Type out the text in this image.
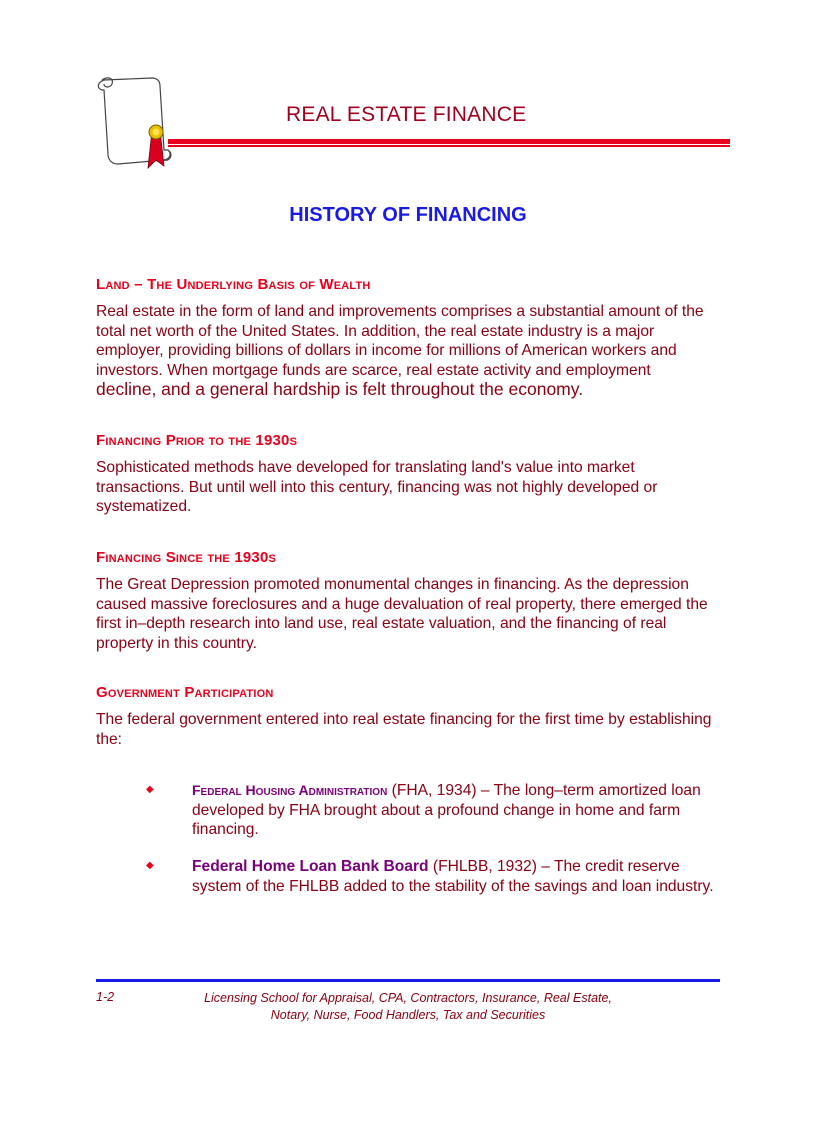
REAL ESTATE FINANCE
HISTORY OF FINANCING
Land – The Underlying Basis of Wealth
Real estate in the form of land and improvements comprises a substantial amount of the total net worth of the United States. In addition, the real estate industry is a major employer, providing billions of dollars in income for millions of American workers and investors. When mortgage funds are scarce, real estate activity and employment
decline, and a general hardship is felt throughout the economy.
Financing Prior to the 1930s
Sophisticated methods have developed for translating land's value into market transactions. But until well into this century, financing was not highly developed or systematized.
Financing Since the 1930s
The Great Depression promoted monumental changes in financing. As the depression caused massive foreclosures and a huge devaluation of real property, there emerged the first in–depth research into land use, real estate valuation, and the financing of real property in this country.
Government Participation
The federal government entered into real estate financing for the first time by establishing the:
◆	Federal Housing Administration (FHA, 1934) – The long–term amortized loan developed by FHA brought about a profound change in home and farm financing.
◆ Federal Home Loan Bank Board (FHLBB, 1932) – The credit reserve system of the FHLBB added to the stability of the savings and loan industry.
1-2	Licensing School for Appraisal, CPA, Contractors, Insurance, Real Estate,
Notary, Nurse, Food Handlers, Tax and Securities
